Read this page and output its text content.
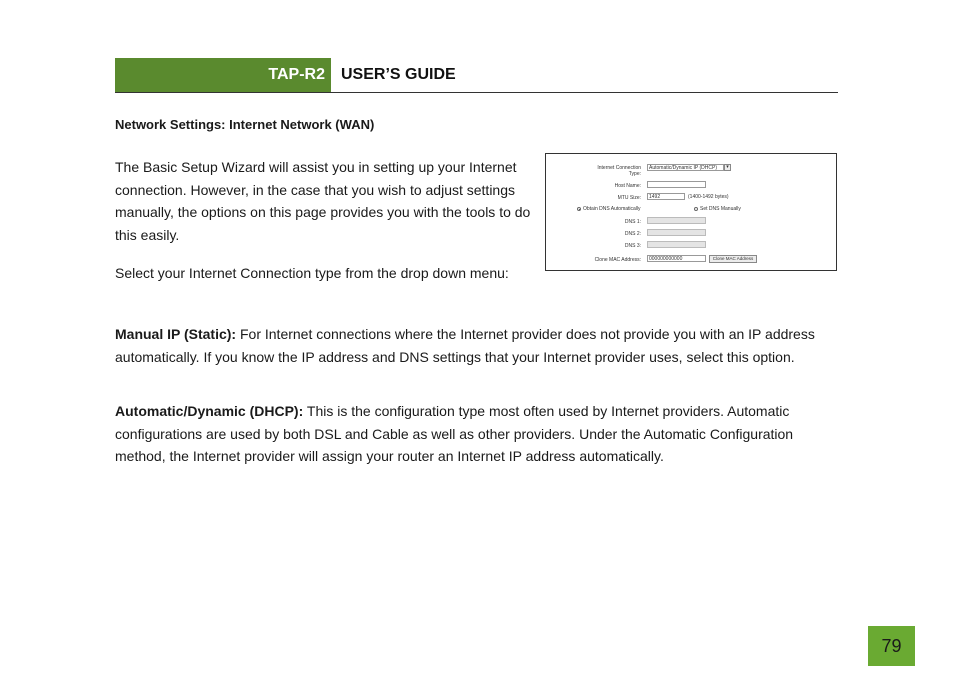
TAP-R2 USER’S GUIDE
Network Settings: Internet Network (WAN)
The Basic Setup Wizard will assist you in setting up your Internet connection. However, in the case that you wish to adjust settings manually, the options on this page provides you with the tools to do this easily.
Select your Internet Connection type from the drop down menu:
Manual IP (Static): For Internet connections where the Internet provider does not provide you with an IP address automatically. If you know the IP address and DNS settings that your Internet provider uses, select this option.
Automatic/Dynamic (DHCP): This is the configuration type most often used by Internet providers. Automatic configurations are used by both DSL and Cable as well as other providers. Under the Automatic Configuration method, the Internet provider will assign your router an Internet IP address automatically.
Internet Connection
Type:
Automatic/Dynamic IP (DHCP)	▾
Host Name:
MTU Size:	1492	(1400-1492 bytes)
Obtain DNS Automatically	Set DNS Manually
DNS 1:
DNS 2:
DNS 3:
Clone MAC Address:	000000000000	Clone MAC Address
79
